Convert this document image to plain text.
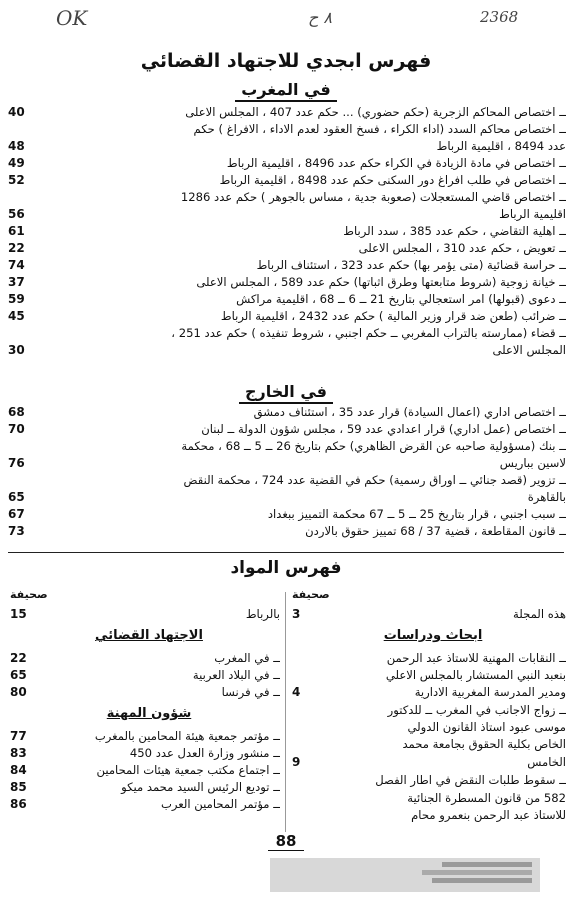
OK	٨ ح	2368
فهرس ابجدي للاجتهاد القضائي
في المغرب
40	ــ اختصاص المحاكم الزجرية (حكم حضوري) ... حكم عدد 407 ، المجلس الاعلى
ــ اختصاص محاكم السدد (اداء الكراء ، فسخ العقود لعدم الاداء ، الافراغ ) حكم
48	عدد 8494 ، اقليمية الرباط
49	ــ اختصاص في مادة الزيادة في الكراء حكم عدد 8496 ، اقليمية الرباط
52	ــ اختصاص في طلب افراغ دور السكنى حكم عدد 8498 ، اقليمية الرباط
ــ اختصاص قاضي المستعجلات (صعوبة جدية ، مساس بالجوهر ) حكم عدد 1286
56	اقليمية الرباط
61	ــ اهلية التقاضي ، حكم عدد 385 ، سدد الرباط
22	ــ تعويض ، حكم عدد 310 ، المجلس الاعلى
74	ــ حراسة قضائية (متى يؤمر بها) حكم عدد 323 ، استئناف الرباط
37	ــ خيانة زوجية (شروط متابعتها وطرق اثباتها) حكم عدد 589 ، المجلس الاعلى
59	ــ دعوى (قبولها) امر استعجالي بتاريخ 21 ــ 6 ــ 68 ، اقليمية مراكش
45	ــ ضرائب (طعن ضد قرار وزير المالية ) حكم عدد 2432 ، اقليمية الرباط
ــ قضاء (ممارسته بالتراب المغربي ــ حكم اجنبي ، شروط تنفيذه ) حكم عدد 251 ،
30	المجلس الاعلى
68	ــ اختصاص اداري (اعمال السيادة) قرار عدد 35 ، استئناف دمشق
70	ــ اختصاص (عمل اداري) قرار اعدادي عدد 59 ، مجلس شؤون الدولة ــ لبنان
ــ بنك (مسؤولية صاحبه عن القرض الظاهري) حكم بتاريخ 26 ــ 5 ــ 68 ، محكمة
76	لاسين بباريس
ــ تزوير (قصد جنائي ــ اوراق رسمية) حكم في القضية عدد 724 ، محكمة النقض
65	بالقاهرة
67	ــ سبب اجنبي ، قرار بتاريخ 25 ــ 5 ــ 67 محكمة التمييز ببغداد
73	ــ قانون المقاطعة ، قضية 37 / 68 تمييز حقوق بالاردن
في الخارج
فهرس المواد
صحيفة	صحيفة
3	هذه المجلة
ابحاث ودراسات
ــ النقابات المهنية للاستاذ عبد الرحمن
بنعبد النبي المستشار بالمجلس الاعلي
4	ومدير المدرسة المغربية الادارية
ــ زواج الاجانب في المغرب ــ للدكتور
موسى عبود استاذ القانون الدولي
الخاص بكلية الحقوق بجامعة محمد
9	الخامس
ــ سقوط طلبات النقض في اطار الفصل
582 من قانون المسطرة الجنائية
للاستاذ عبد الرحمن بنعمرو محام
15	بالرباط
الاجتهاد القضائي
22	ــ في المغرب
65	ــ في البلاد العربية
80	ــ في فرنسا
شؤون المهنة
77	ــ مؤتمر جمعية هيئة المحامين بالمغرب
83	ــ منشور وزارة العدل عدد 450
84	ــ اجتماع مكتب جمعية هيئات المحامين
85	ــ توديع الرئيس السيد محمد ميكو
86	ــ مؤتمر المحامين العرب
88
